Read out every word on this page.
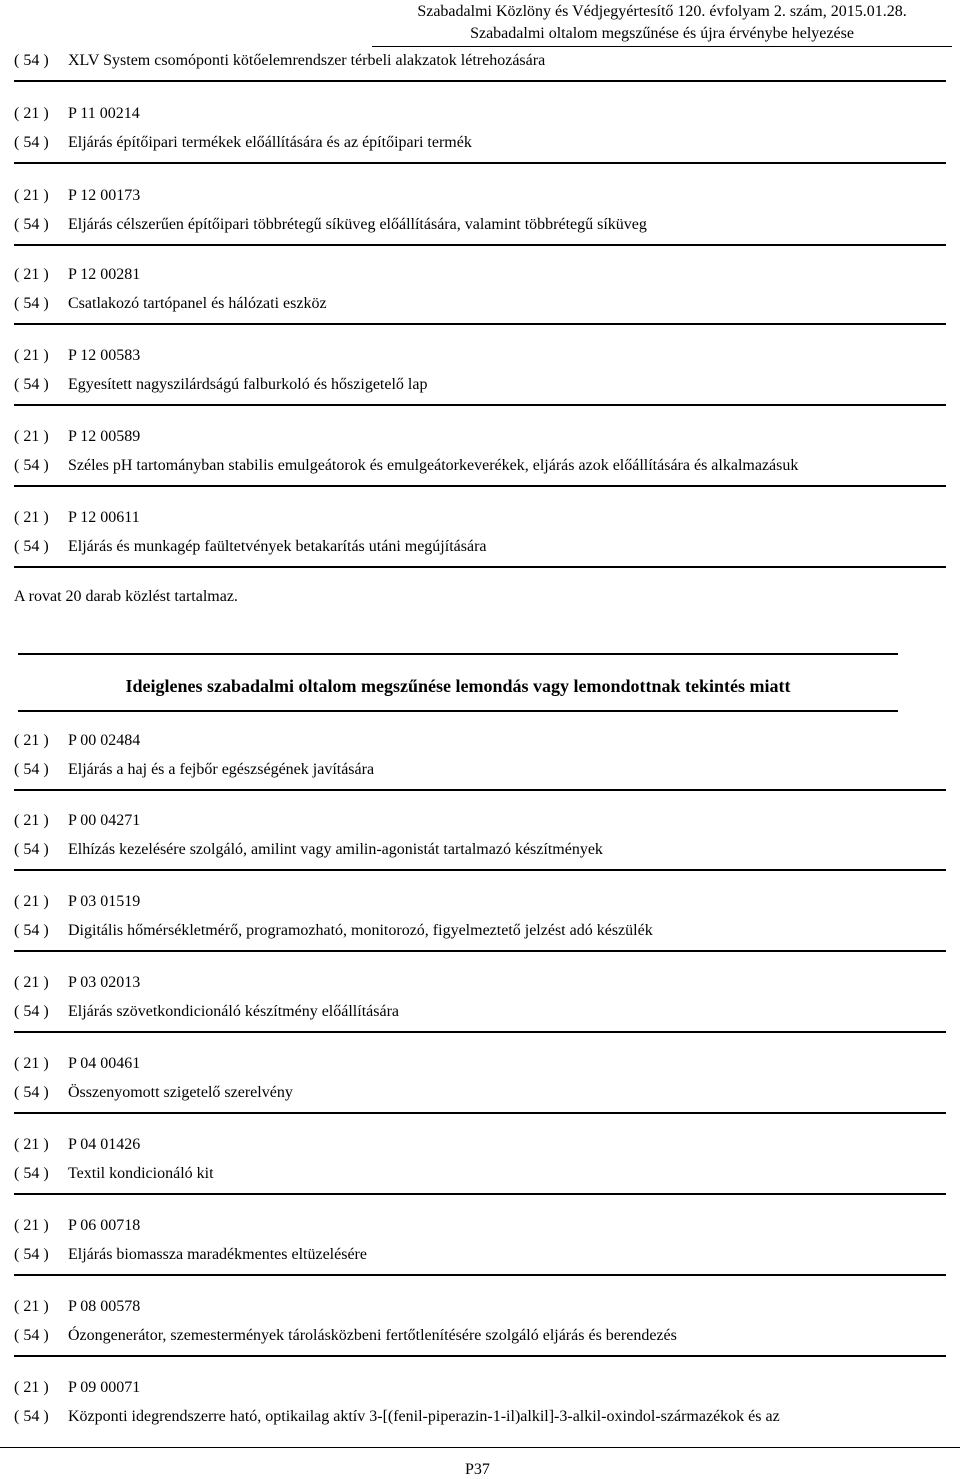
Szabadalmi Közlöny és Védjegyértesítő 120. évfolyam 2. szám, 2015.01.28.
Szabadalmi oltalom megszűnése és újra érvénybe helyezése
( 54 ) XLV System csomóponti kötőelemrendszer térbeli alakzatok létrehozására
( 21 ) P 11 00214
( 54 ) Eljárás építőipari termékek előállítására és az építőipari termék
( 21 ) P 12 00173
( 54 ) Eljárás célszerűen építőipari többrétegű síküveg előállítására, valamint többrétegű síküveg
( 21 ) P 12 00281
( 54 ) Csatlakozó tartópanel és hálózati eszköz
( 21 ) P 12 00583
( 54 ) Egyesített nagyszilárdságú falburkoló és hőszigetelő lap
( 21 ) P 12 00589
( 54 ) Széles pH tartományban stabilis emulgeátorok és emulgeátorkeverékek, eljárás azok előállítására és alkalmazásuk
( 21 ) P 12 00611
( 54 ) Eljárás és munkagép faültetvények betakarítás utáni megújítására
A rovat 20 darab közlést tartalmaz.
Ideiglenes szabadalmi oltalom megszűnése lemondás vagy lemondottnak tekintés miatt
( 21 ) P 00 02484
( 54 ) Eljárás a haj és a fejbőr egészségének javítására
( 21 ) P 00 04271
( 54 ) Elhízás kezelésére szolgáló, amilint vagy amilin-agonistát tartalmazó készítmények
( 21 ) P 03 01519
( 54 ) Digitális hőmérsékletmérő, programozható, monitorozó, figyelmeztető jelzést adó készülék
( 21 ) P 03 02013
( 54 ) Eljárás szövetkondicionáló készítmény előállítására
( 21 ) P 04 00461
( 54 ) Összenyomott szigetelő szerelvény
( 21 ) P 04 01426
( 54 ) Textil kondicionáló kit
( 21 ) P 06 00718
( 54 ) Eljárás biomassza maradékmentes eltüzelésére
( 21 ) P 08 00578
( 54 ) Ózongenerátor, szemestermények tárolásközbeni fertőtlenítésére szolgáló eljárás és berendezés
( 21 ) P 09 00071
( 54 ) Központi idegrendszerre ható, optikailag aktív 3-[(fenil-piperazin-1-il)alkil]-3-alkil-oxindol-származékok és az
P37
